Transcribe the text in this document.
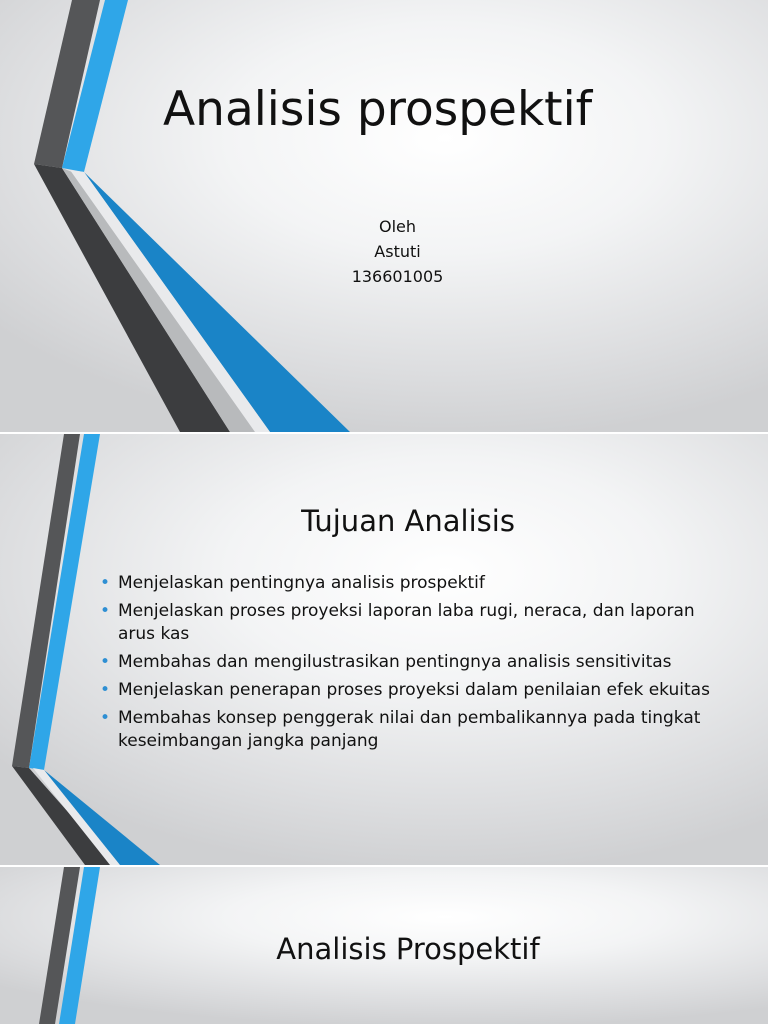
Analisis prospektif
Oleh
Astuti
136601005
Tujuan Analisis
• Menjelaskan pentingnya analisis prospektif
• Menjelaskan proses proyeksi laporan laba rugi, neraca, dan laporan arus kas
• Membahas dan mengilustrasikan pentingnya analisis sensitivitas
• Menjelaskan penerapan proses proyeksi dalam penilaian efek ekuitas
• Membahas konsep penggerak nilai dan pembalikannya pada tingkat keseimbangan jangka panjang
Analisis Prospektif
